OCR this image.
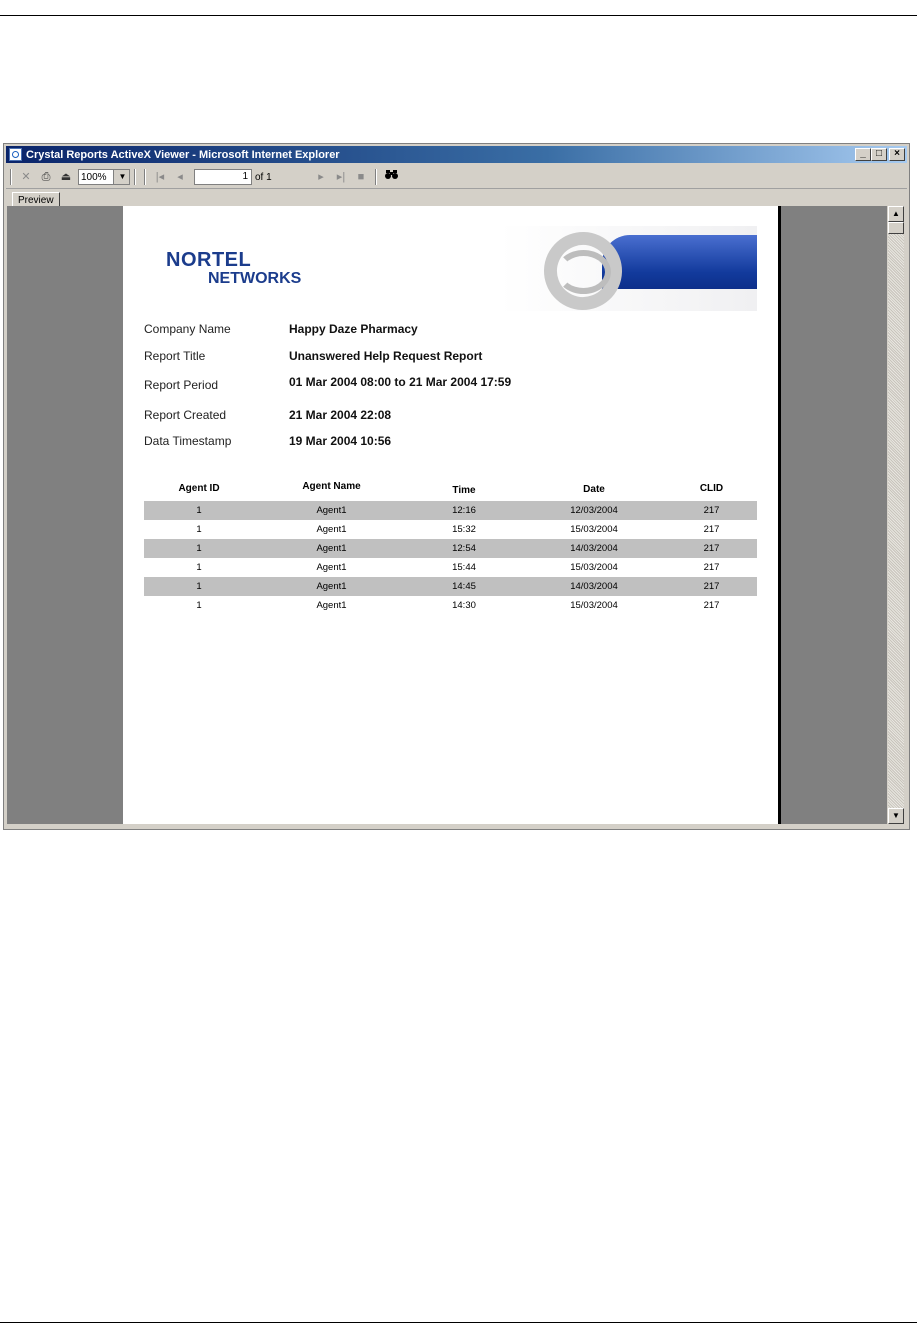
Crystal Reports ActiveX Viewer - Microsoft Internet Explorer	_	□	×
✕ ⎙ ⏏ 100%	▼	|◂	◂	1 of 1	▸	▸|	■
Preview
NORTEL
NETWORKS
Company Name	Happy Daze Pharmacy
Report Title	Unanswered Help Request Report
Report Period	01 Mar 2004 08:00 to 21 Mar 2004 17:59
Report Created	21 Mar 2004 22:08
Data Timestamp	19 Mar 2004 10:56
Agent ID	Agent Name	Time	Date	CLID
1	Agent1	12:16	12/03/2004	217
1	Agent1	15:32	15/03/2004	217
1	Agent1	12:54	14/03/2004	217
1	Agent1	15:44	15/03/2004	217
1	Agent1	14:45	14/03/2004	217
1	Agent1	14:30	15/03/2004	217
▲
▼
